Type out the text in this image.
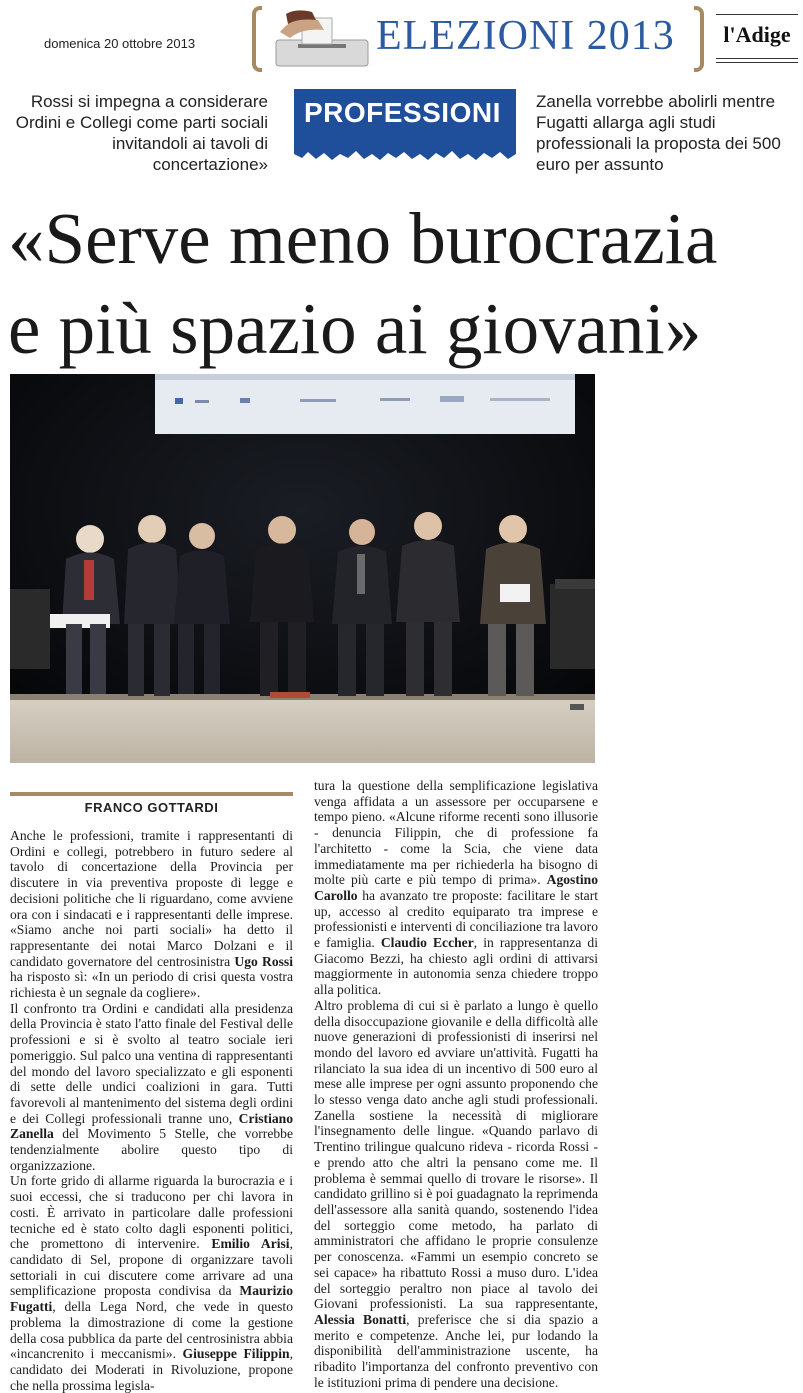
domenica 20 ottobre 2013	ELEZIONI 2013	l'Adige
Rossi si impegna a considerare Ordini e Collegi come parti sociali invitandoli ai tavoli di concertazione»
PROFESSIONI Zanella vorrebbe abolirli mentre Fugatti allarga agli studi professionali la proposta dei 500 euro per assunto
«Serve meno burocrazia
e più spazio ai giovani»
FRANCO GOTTARDI

Anche le professioni, tramite i rappresentanti di Ordini e collegi, potrebbero in futuro sedere al tavolo di concertazione della Provincia per discutere in via preventiva proposte di legge e decisioni politiche che li riguardano, come avviene ora con i sindacati e i rappresentanti delle imprese. «Siamo anche noi parti sociali» ha detto il rappresentante dei notai Marco Dolzani e il candidato governatore del centrosinistra Ugo Rossi ha risposto sì: «In un periodo di crisi questa vostra richiesta è un segnale da cogliere».

Il confronto tra Ordini e candidati alla presidenza della Provincia è stato l'atto finale del Festival delle professioni e si è svolto al teatro sociale ieri pomeriggio. Sul palco una ventina di rappresentanti del mondo del lavoro specializzato e gli esponenti di sette delle undici coalizioni in gara. Tutti favorevoli al mantenimento del sistema degli ordini e dei Collegi professionali tranne uno, Cristiano Zanella del Movimento 5 Stelle, che vorrebbe tendenzialmente abolire questo tipo di organizzazione.

Un forte grido di allarme riguarda la burocrazia e i suoi eccessi, che si traducono per chi lavora in costi. È arrivato in particolare dalle professioni tecniche ed è stato colto dagli esponenti politici, che promettono di intervenire. Emilio Arisi, candidato di Sel, propone di organizzare tavoli settoriali in cui discutere come arrivare ad una semplificazione proposta condivisa da Maurizio Fugatti, della Lega Nord, che vede in questo problema la dimostrazione di come la gestione della cosa pubblica da parte del centrosinistra abbia «incancrenito i meccanismi». Giuseppe Filippin, candidato dei Moderati in Rivoluzione, propone che nella prossima legisla-

tura la questione della semplificazione legislativa venga affidata a un assessore per occuparsene e tempo pieno. «Alcune riforme recenti sono illusorie - denuncia Filippin, che di professione fa l'architetto - come la Scia, che viene data immediatamente ma per richiederla ha bisogno di molte più carte e più tempo di prima». Agostino Carollo ha avanzato tre proposte: facilitare le start up, accesso al credito equiparato tra imprese e professionisti e interventi di conciliazione tra lavoro e famiglia. Claudio Eccher, in rappresentanza di Giacomo Bezzi, ha chiesto agli ordini di attivarsi maggiormente in autonomia senza chiedere troppo alla politica.

Altro problema di cui si è parlato a lungo è quello della disoccupazione giovanile e della difficoltà alle nuove generazioni di professionisti di inserirsi nel mondo del lavoro ed avviare un'attività. Fugatti ha rilanciato la sua idea di un incentivo di 500 euro al mese alle imprese per ogni assunto proponendo che lo stesso venga dato anche agli studi professionali. Zanella sostiene la necessità di migliorare l'insegnamento delle lingue. «Quando parlavo di Trentino trilingue qualcuno rideva - ricorda Rossi - e prendo atto che altri la pensano come me. Il problema è semmai quello di trovare le risorse». Il candidato grillino si è poi guadagnato la reprimenda dell'assessore alla sanità quando, sostenendo l'idea del sorteggio come metodo, ha parlato di amministratori che affidano le proprie consulenze per conoscenza. «Fammi un esempio concreto se sei capace» ha ribattuto Rossi a muso duro. L'idea del sorteggio peraltro non piace al tavolo dei Giovani professionisti. La sua rappresentante, Alessia Bonatti, preferisce che si dia spazio a merito e competenze. Anche lei, pur lodando la disponibilità dell'amministrazione uscente, ha ribadito l'importanza del confronto preventivo con le istituzioni prima di pendere una decisione.
